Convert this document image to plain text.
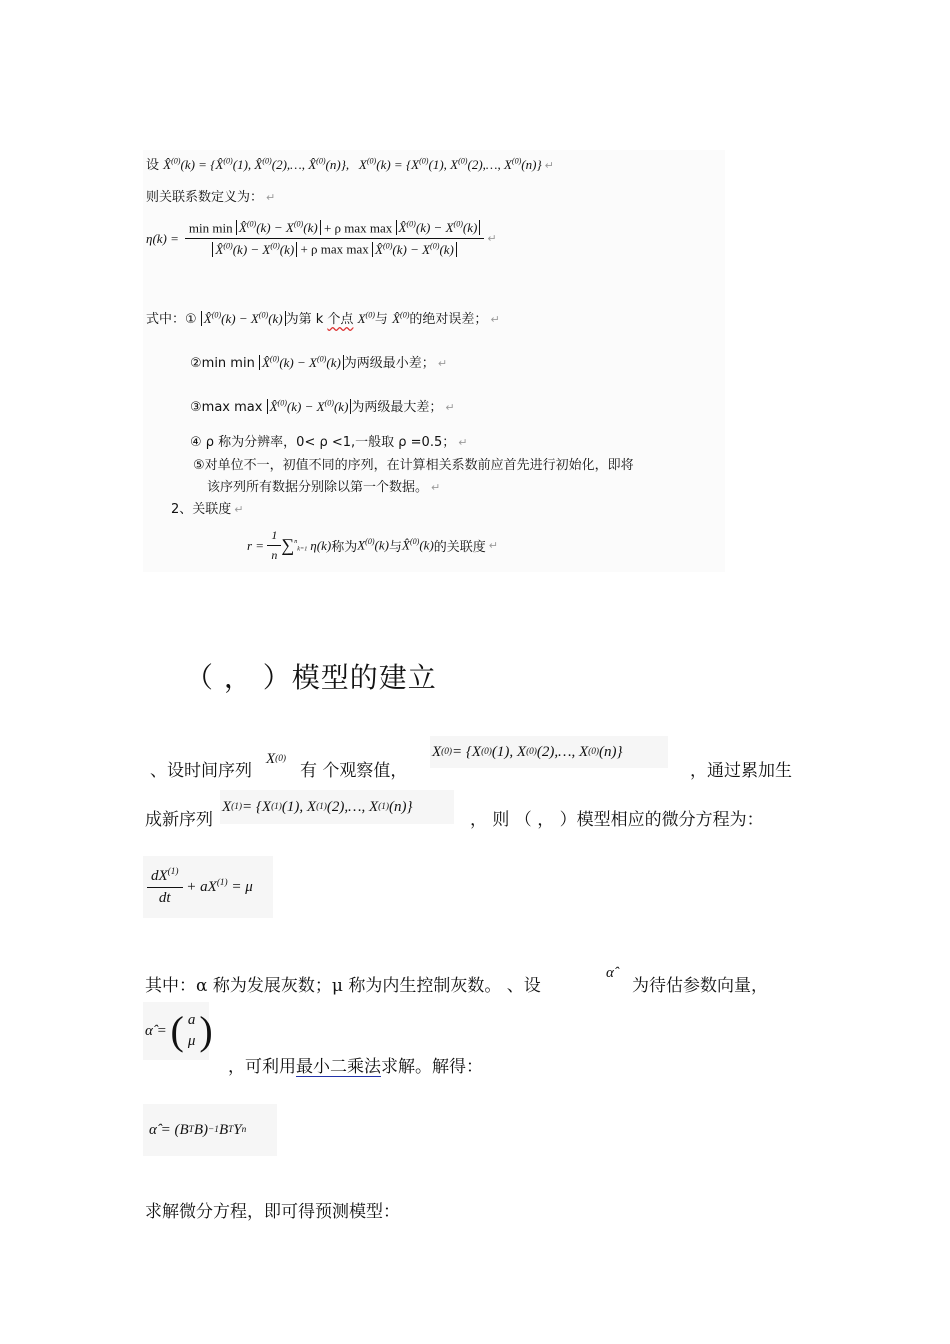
设 X̂$^{(0)}$(k) = {X̂$^{(0)}$(1), X̂$^{(0)}$(2),…, X̂$^{(0)}$(n)},   $X^{(0)}(k) = \{X^{(0)}(1)$, $X^{(0)}(2),\dots$, $X^{(0)}(n)$} ↵
则关联系数定义为： ↵
$\eta(k) = \frac{\min \min X̂^{(0)}(k) - X^{(0)}(k) + \rho \max \max X̂^{(0)}(k) - X^{(0)}(k)}{X̂^{(0)}(k) - X^{(0)}(k) + \rho \max \max X̂^{(0)}(k) - X^{(0)}(k)}$ ↵
式中：① X̂$^{(0)}$(k) − $X^{(0)}(k)$ 为第 k 个点 $X^{(0)}$与 X̂$^{(0)}$的绝对误差； ↵
②min min X̂$^{(0)}$(k) − $X^{(0)}(k)$ 为两级最小差； ↵
③max max X̂$^{(0)}$(k) − $X^{(0)}(k)$ 为两级最大差； ↵
④ ρ 称为分辨率，0< ρ <1,一般取 ρ =0.5； ↵
⑤对单位不一，初值不同的序列，在计算相关系数前应首先进行初始化，即将
该序列所有数据分别除以第一个数据。 ↵
2、关联度 ↵
$r = \frac{1}{n}$ ∑ $^n_{k=1}$ η(k) 称为 $X^{(0)}(k)$ 与 X̂$^{(0)}$(k) 的关联度 ↵
（ ， ）模型的建立
、设时间序列
X (0)
有 个观察值，
X (0) = {X (0) (1), X (0) (2),…, X (0) (n)}
，通过累加生
成新序列
X (1) = {X (1) (1), X (1) (2),…, X (1) (n)}
， 则 （ ， ）模型相应的微分方程为：
$\frac{dX^{(1)}}{dt} + aX^{(1)} = \mu$
其中：α 称为发展灰数；μ 称为内生控制灰数。 、设
α̂
为待估参数向量，
α̂ = ( a
μ )
，可利用最小二乘法求解。解得：
α̂ = (B T B) −1 B T Y n
求解微分方程，即可得预测模型：
